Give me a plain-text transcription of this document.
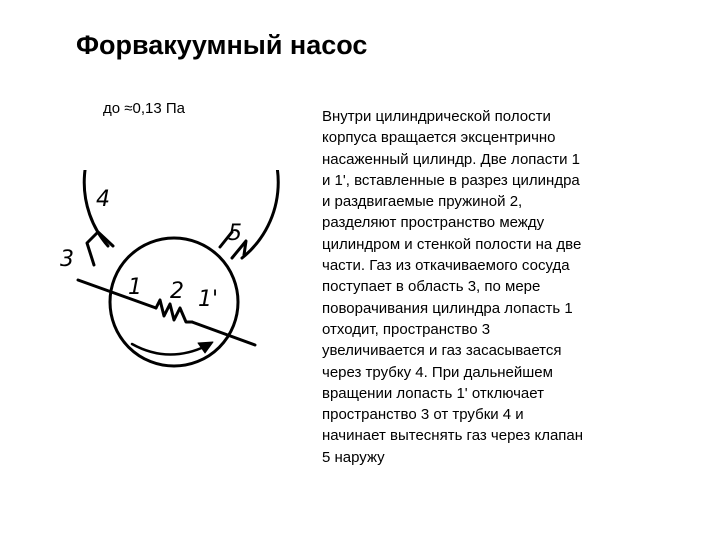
Форвакуумный насос
до ≈0,13 Па	Внутри цилиндрической полости
корпуса вращается эксцентрично
насаженный цилиндр. Две лопасти 1
и 1', вставленные в разрез цилиндра
и раздвигаемые пружиной 2,
разделяют пространство между
цилиндром и стенкой полости на две
части. Газ из откачиваемого сосуда
поступает в область 3, по мере
поворачивания цилиндра лопасть 1
отходит, пространство 3
увеличивается и газ засасывается
через трубку 4. При дальнейшем
вращении лопасть 1' отключает
пространство 3 от трубки 4 и
начинает вытеснять газ через клапан
5 наружу
4
5
3
1 2 1'
